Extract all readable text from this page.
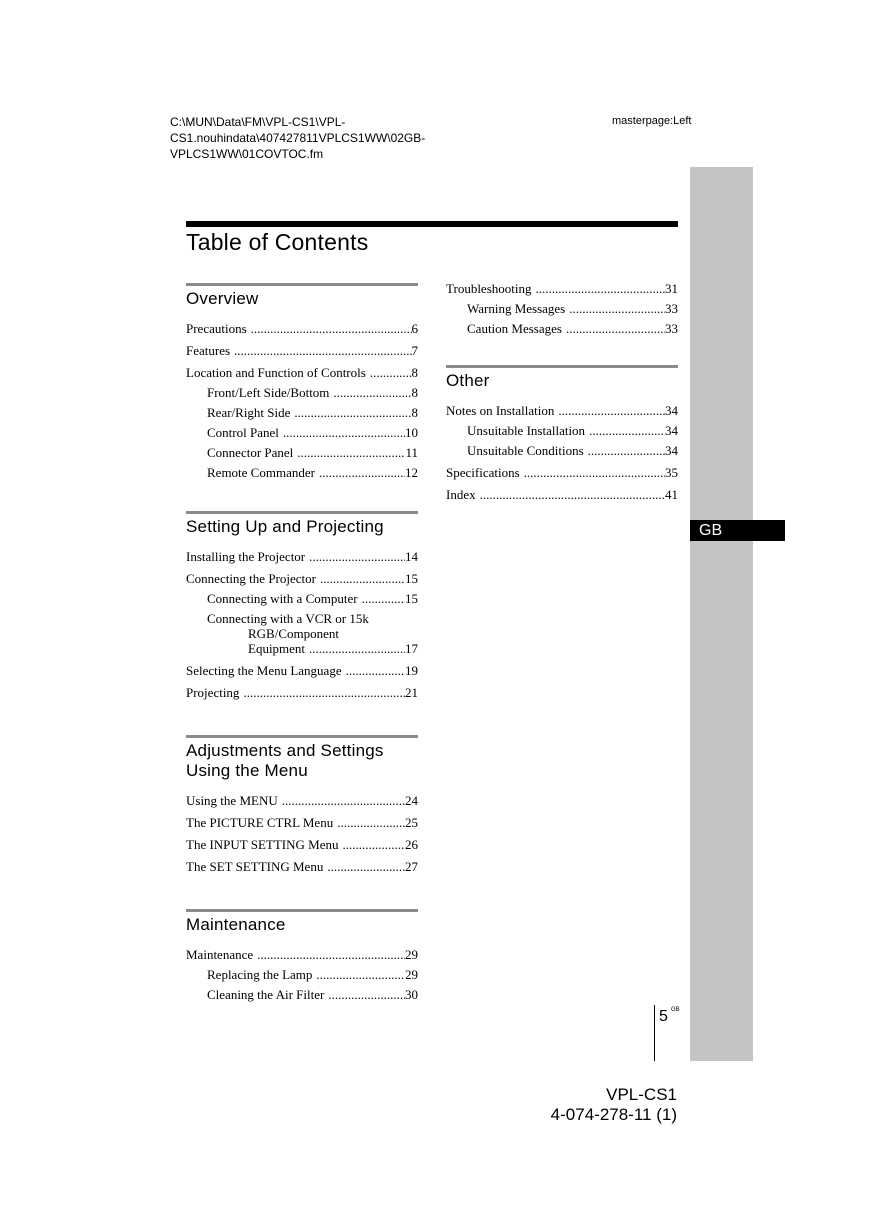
C:\MUN\Data\FM\VPL-CS1\VPL-CS1.nouhindata\407427811VPLCS1WW\02GB-VPLCS1WW\01COVTOC.fm
masterpage:Left
GB
Table of Contents
Overview
Precautions .....	6
Features .....	7
Location and Function of Controls .....	8
Front/Left Side/Bottom .....	8
Rear/Right Side .....	8
Control Panel .....	10
Connector Panel .....	11
Remote Commander .....	12
Setting Up and Projecting
Installing the Projector .....	14
Connecting the Projector .....	15
Connecting with a Computer .....	15
Connecting with a VCR or 15k
RGB/Component
Equipment .....	17
Selecting the Menu Language .....	19
Projecting .....	21
Adjustments and Settings
Using the Menu
Using the MENU .....	24
The PICTURE CTRL Menu .....	25
The INPUT SETTING Menu .....	26
The SET SETTING Menu .....	27
Maintenance
Maintenance .....	29
Replacing the Lamp .....	29
Cleaning the Air Filter .....	30
Troubleshooting .....	31
Warning Messages .....	33
Caution Messages .....	33
Other
Notes on Installation .....	34
Unsuitable Installation .....	34
Unsuitable Conditions .....	34
Specifications .....	35
Index .....	41
5 GB
VPL-CS1
4-074-278-11 (1)
